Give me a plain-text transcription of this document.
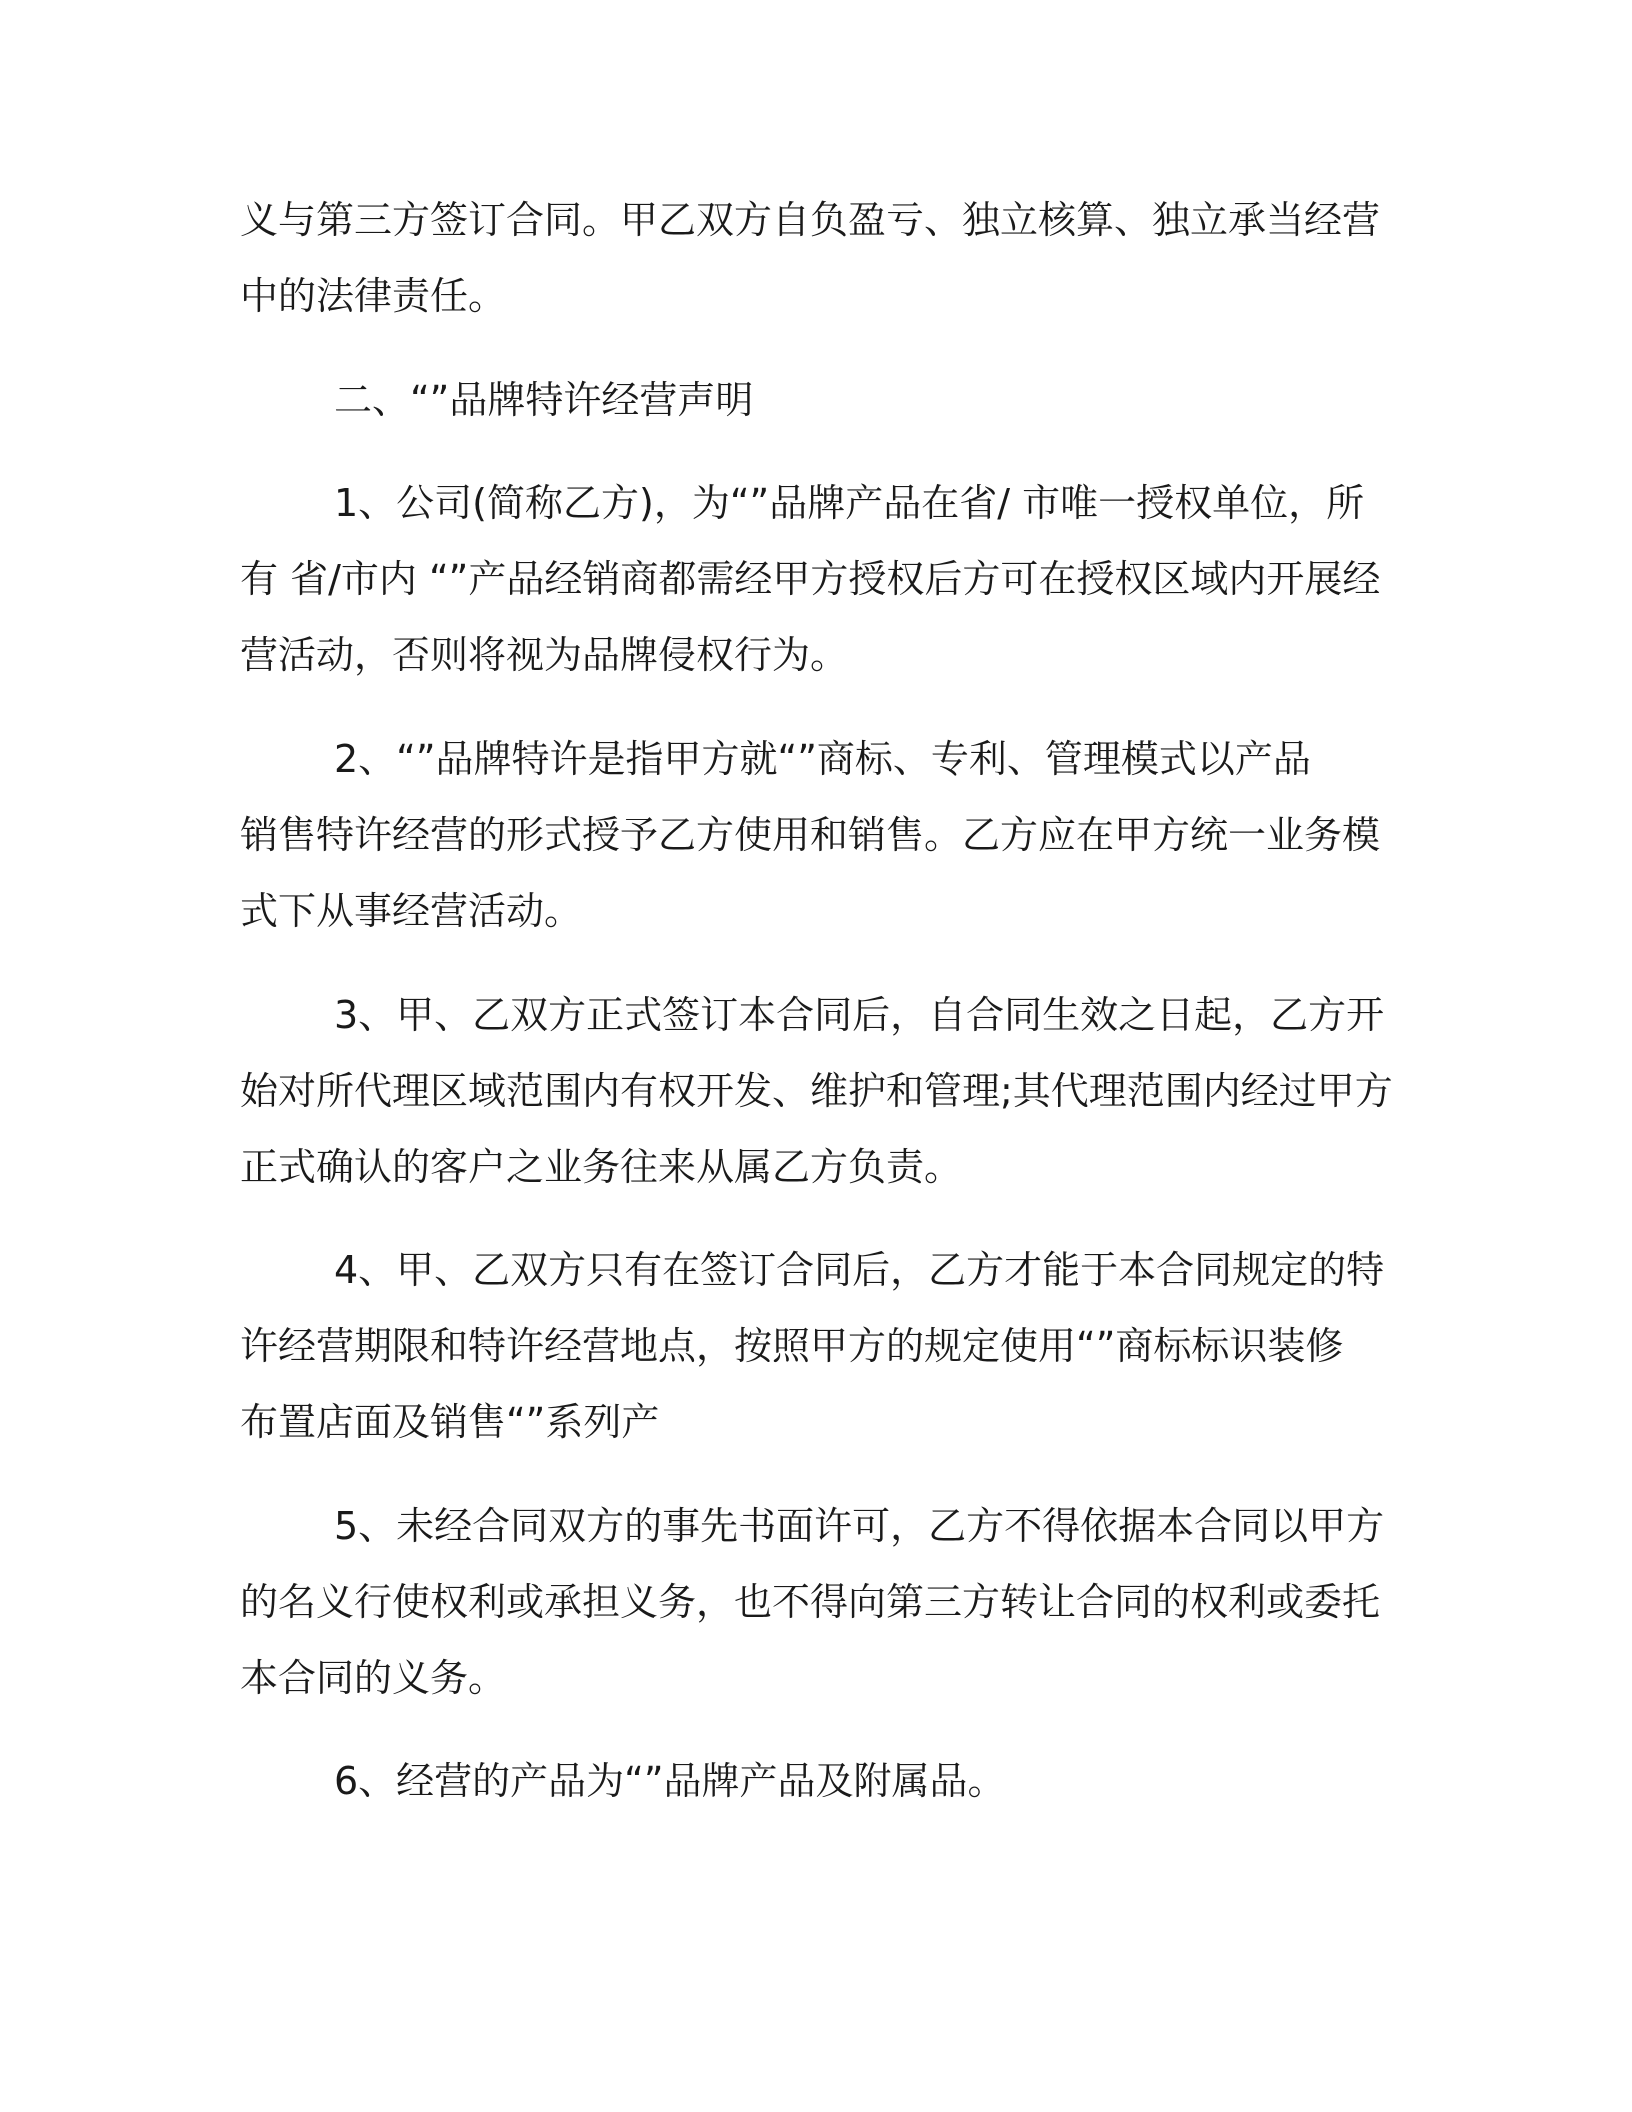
义与第三方签订合同。甲乙双方自负盈亏、独立核算、独立承当经营
中的法律责任。
二、“”品牌特许经营声明
1、公司(简称乙方)，为“”品牌产品在省/ 市唯一授权单位，所
有 省/市内 “”产品经销商都需经甲方授权后方可在授权区域内开展经
营活动，否则将视为品牌侵权行为。
2、“”品牌特许是指甲方就“”商标、专利、管理模式以产品
销售特许经营的形式授予乙方使用和销售。乙方应在甲方统一业务模
式下从事经营活动。
3、甲、乙双方正式签订本合同后，自合同生效之日起，乙方开
始对所代理区域范围内有权开发、维护和管理;其代理范围内经过甲方
正式确认的客户之业务往来从属乙方负责。
4、甲、乙双方只有在签订合同后，乙方才能于本合同规定的特
许经营期限和特许经营地点，按照甲方的规定使用“”商标标识装修
布置店面及销售“”系列产
5、未经合同双方的事先书面许可，乙方不得依据本合同以甲方
的名义行使权利或承担义务，也不得向第三方转让合同的权利或委托
本合同的义务。
6、经营的产品为“”品牌产品及附属品。
